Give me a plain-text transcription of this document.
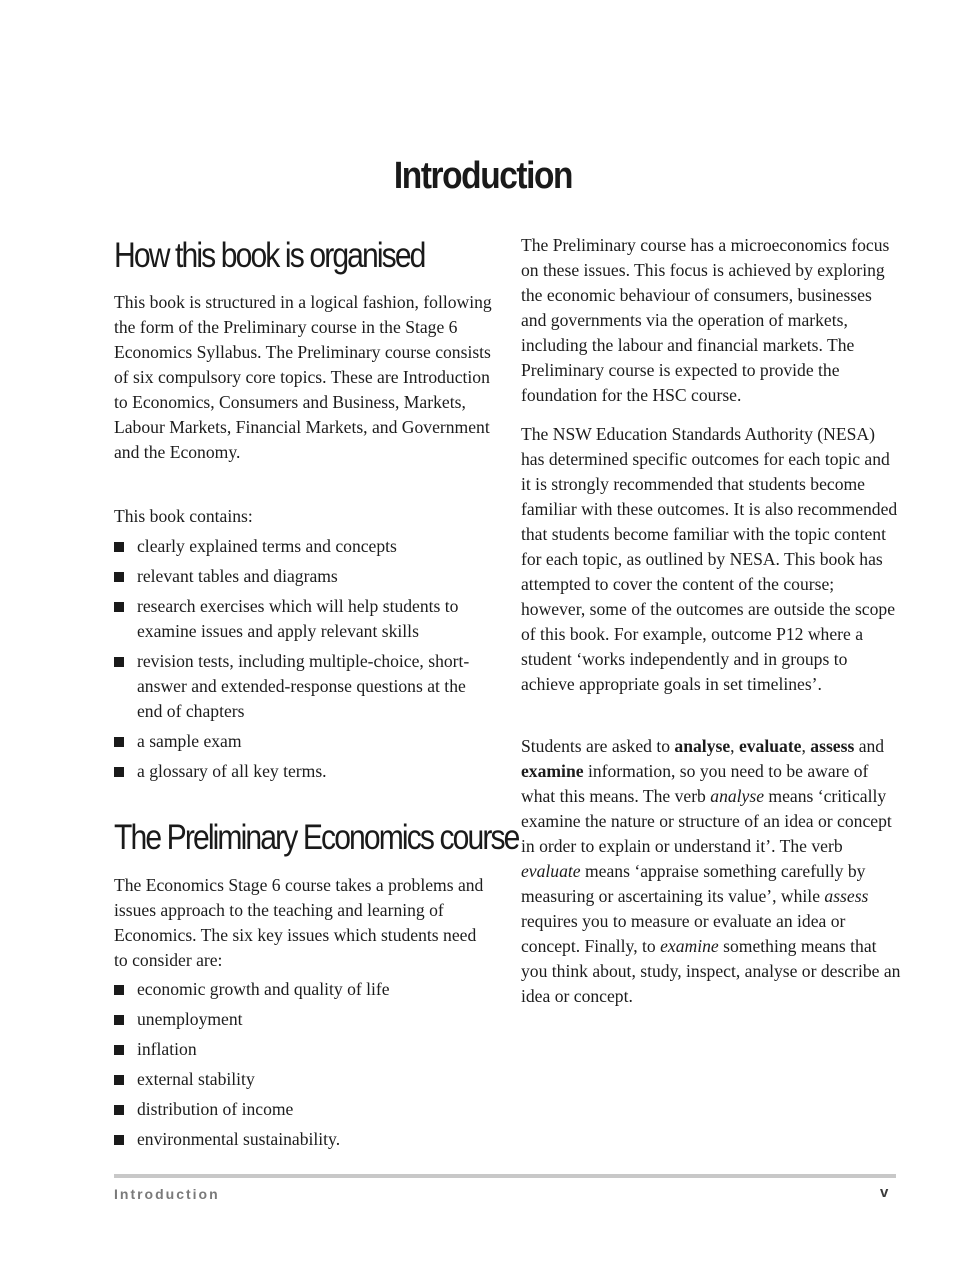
Introduction
How this book is organised

This book is structured in a logical fashion, following the form of the Preliminary course in the Stage 6 Economics Syllabus. The Preliminary course consists of six compulsory core topics. These are Introduction to Economics, Consumers and Business, Markets, Labour Markets, Financial Markets, and Government and the Economy.

This book contains:

clearly explained terms and concepts
relevant tables and diagrams
research exercises which will help students to examine issues and apply relevant skills
revision tests, including multiple-choice, short-answer and extended-response questions at the end of chapters
a sample exam
a glossary of all key terms.
The Preliminary Economics course

The Economics Stage 6 course takes a problems and issues approach to the teaching and learning of Economics. The six key issues which students need to consider are:

economic growth and quality of life
unemployment
inflation
external stability
distribution of income
environmental sustainability.

The Preliminary course has a microeconomics focus on these issues. This focus is achieved by exploring the economic behaviour of consumers, businesses and governments via the operation of markets, including the labour and financial markets. The Preliminary course is expected to provide the foundation for the HSC course.

The NSW Education Standards Authority (NESA) has determined specific outcomes for each topic and it is strongly recommended that students become familiar with these outcomes. It is also recommended that students become familiar with the topic content for each topic, as outlined by NESA. This book has attempted to cover the content of the course; however, some of the outcomes are outside the scope of this book. For example, outcome P12 where a student ‘works independently and in groups to achieve appropriate goals in set timelines’.

Students are asked to analyse, evaluate, assess and examine information, so you need to be aware of what this means. The verb analyse means ‘critically examine the nature or structure of an idea or concept in order to explain or understand it’. The verb evaluate means ‘appraise something carefully by measuring or ascertaining its value’, while assess requires you to measure or evaluate an idea or concept. Finally, to examine something means that you think about, study, inspect, analyse or describe an idea or concept.

Introduction	v
